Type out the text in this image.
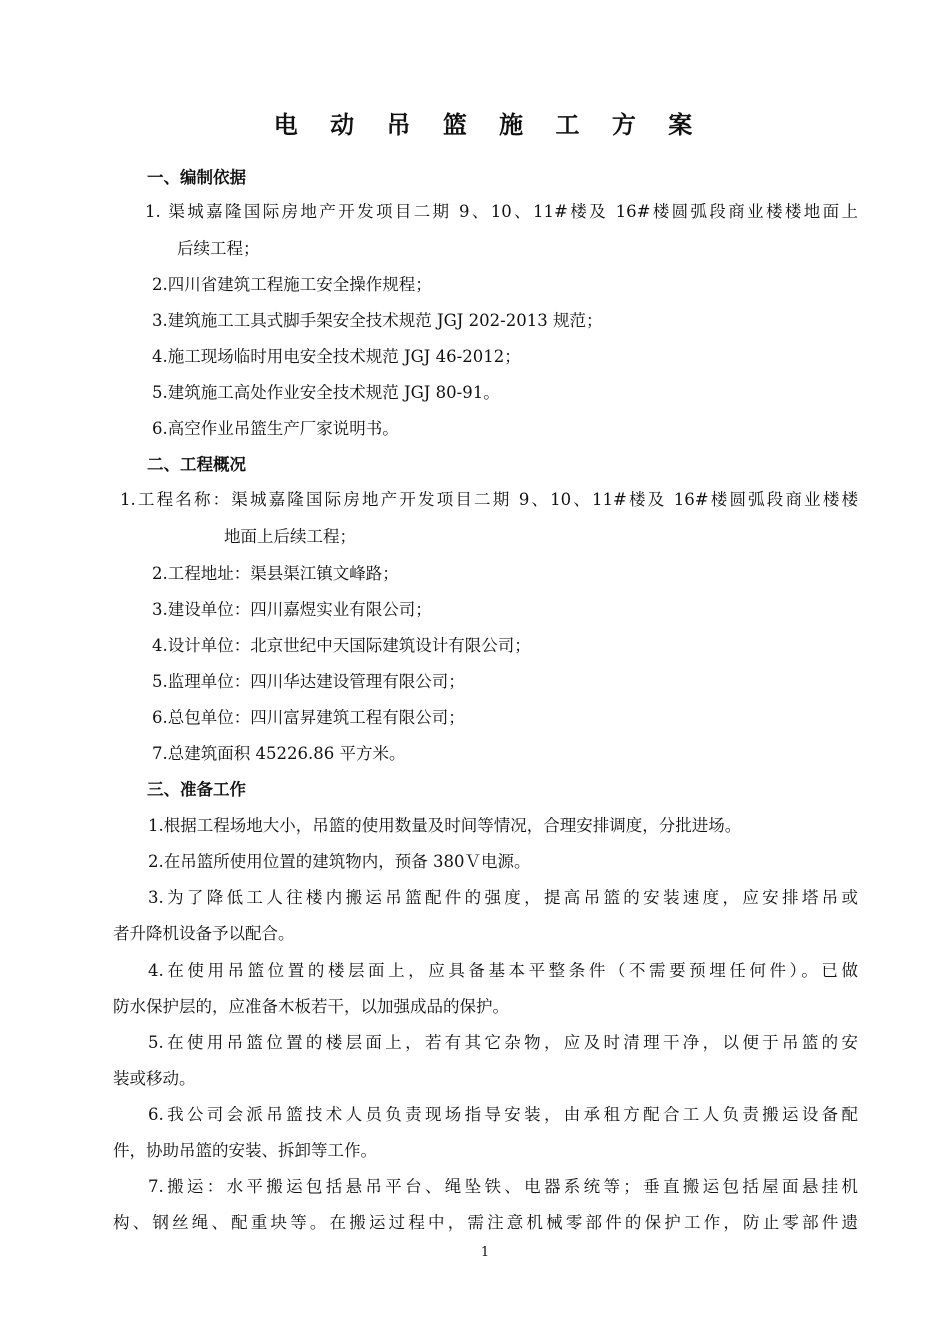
电 动 吊 篮 施 工 方 案
一、编制依据
1. 渠城嘉隆国际房地产开发项目二期 9、10、11#楼及 16#楼圆弧段商业楼楼地面上
后续工程；
2.四川省建筑工程施工安全操作规程；
3.建筑施工工具式脚手架安全技术规范 JGJ 202-2013 规范；
4.施工现场临时用电安全技术规范 JGJ 46-2012；
5.建筑施工高处作业安全技术规范 JGJ 80-91。
6.高空作业吊篮生产厂家说明书。
二、工程概况
1.工程名称：渠城嘉隆国际房地产开发项目二期 9、10、11#楼及 16#楼圆弧段商业楼楼
地面上后续工程；
2.工程地址：渠县渠江镇文峰路；
3.建设单位：四川嘉煜实业有限公司；
4.设计单位：北京世纪中天国际建筑设计有限公司；
5.监理单位：四川华达建设管理有限公司；
6.总包单位：四川富昇建筑工程有限公司；
7.总建筑面积 45226.86 平方米。
三、准备工作
1.根据工程场地大小，吊篮的使用数量及时间等情况，合理安排调度，分批进场。
2.在吊篮所使用位置的建筑物内，预备 380Ｖ电源。
3.为了降低工人往楼内搬运吊篮配件的强度，提高吊篮的安装速度，应安排塔吊或
者升降机设备予以配合。
4.在使用吊篮位置的楼层面上，应具备基本平整条件（不需要预埋任何件）。已做
防水保护层的，应准备木板若干，以加强成品的保护。
5.在使用吊篮位置的楼层面上，若有其它杂物，应及时清理干净，以便于吊篮的安
装或移动。
6.我公司会派吊篮技术人员负责现场指导安装，由承租方配合工人负责搬运设备配
件，协助吊篮的安装、拆卸等工作。
7.搬运：水平搬运包括悬吊平台、绳坠铁、电器系统等；垂直搬运包括屋面悬挂机
构、钢丝绳、配重块等。在搬运过程中，需注意机械零部件的保护工作，防止零部件遗
1
